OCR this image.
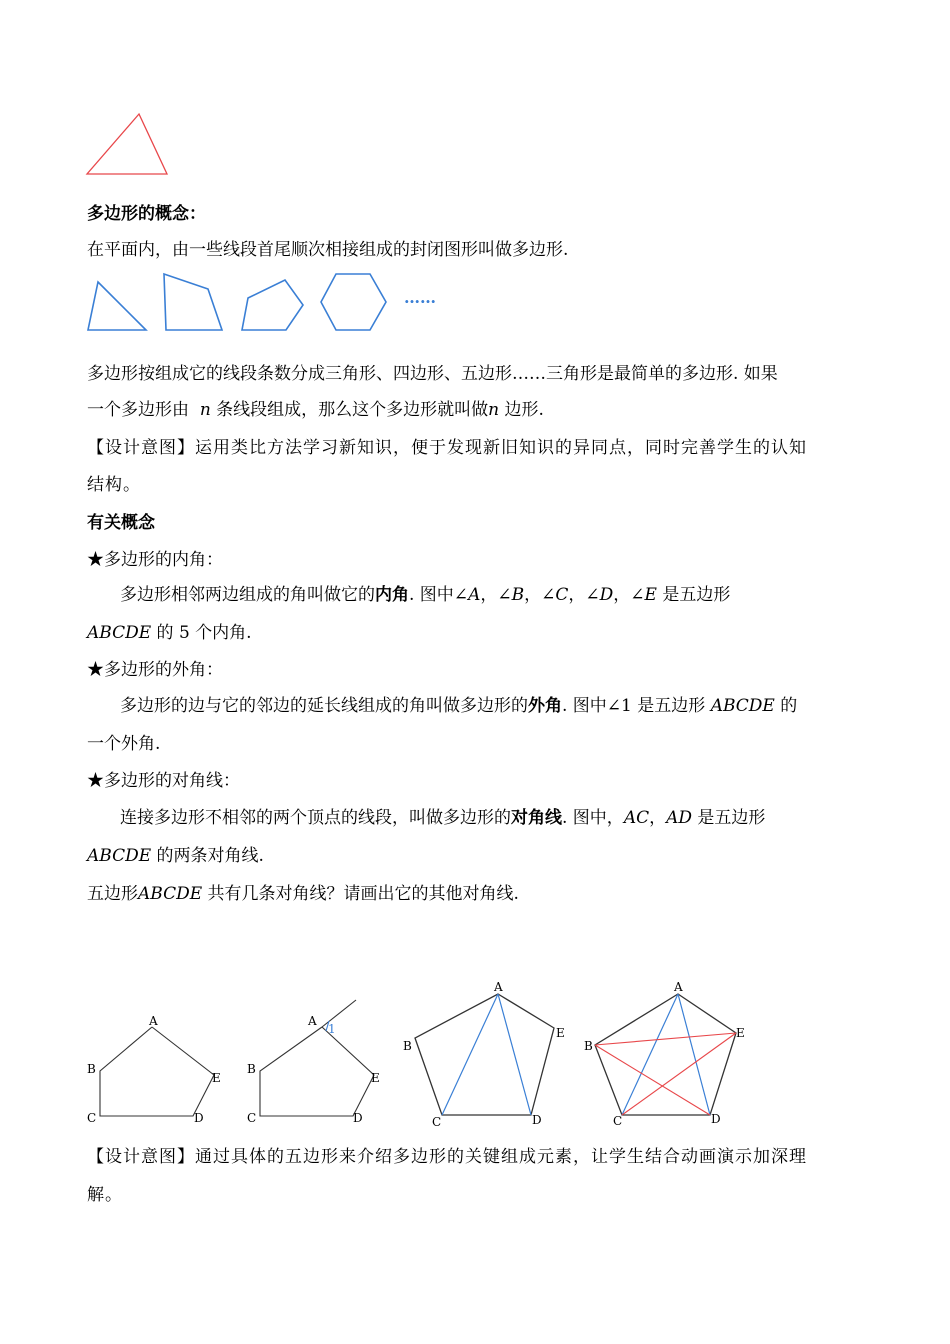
多边形的概念：
在平面内，由一些线段首尾顺次相接组成的封闭图形叫做多边形.
……
多边形按组成它的线段条数分成三角形、四边形、五边形……三角形是最简单的多边形. 如果
一个多边形由 n 条线段组成，那么这个多边形就叫做n 边形.
【设计意图】运用类比方法学习新知识，便于发现新旧知识的异同点，同时完善学生的认知
结构。
有关概念
★多边形的内角：
多边形相邻两边组成的角叫做它的内角. 图中∠A，∠B，∠C，∠D，∠E 是五边形
ABCDE 的 5 个内角.
★多边形的外角：
多边形的边与它的邻边的延长线组成的角叫做多边形的外角. 图中∠1 是五边形 ABCDE 的
一个外角.
★多边形的对角线：
连接多边形不相邻的两个顶点的线段，叫做多边形的对角线. 图中，AC，AD 是五边形
ABCDE 的两条对角线.
五边形ABCDE 共有几条对角线？请画出它的其他对角线.
A
B
C	D
E
A
B
C	D
E
1
A
B
C	D
E
A
B
C	D
E
【设计意图】通过具体的五边形来介绍多边形的关键组成元素，让学生结合动画演示加深理
解。
